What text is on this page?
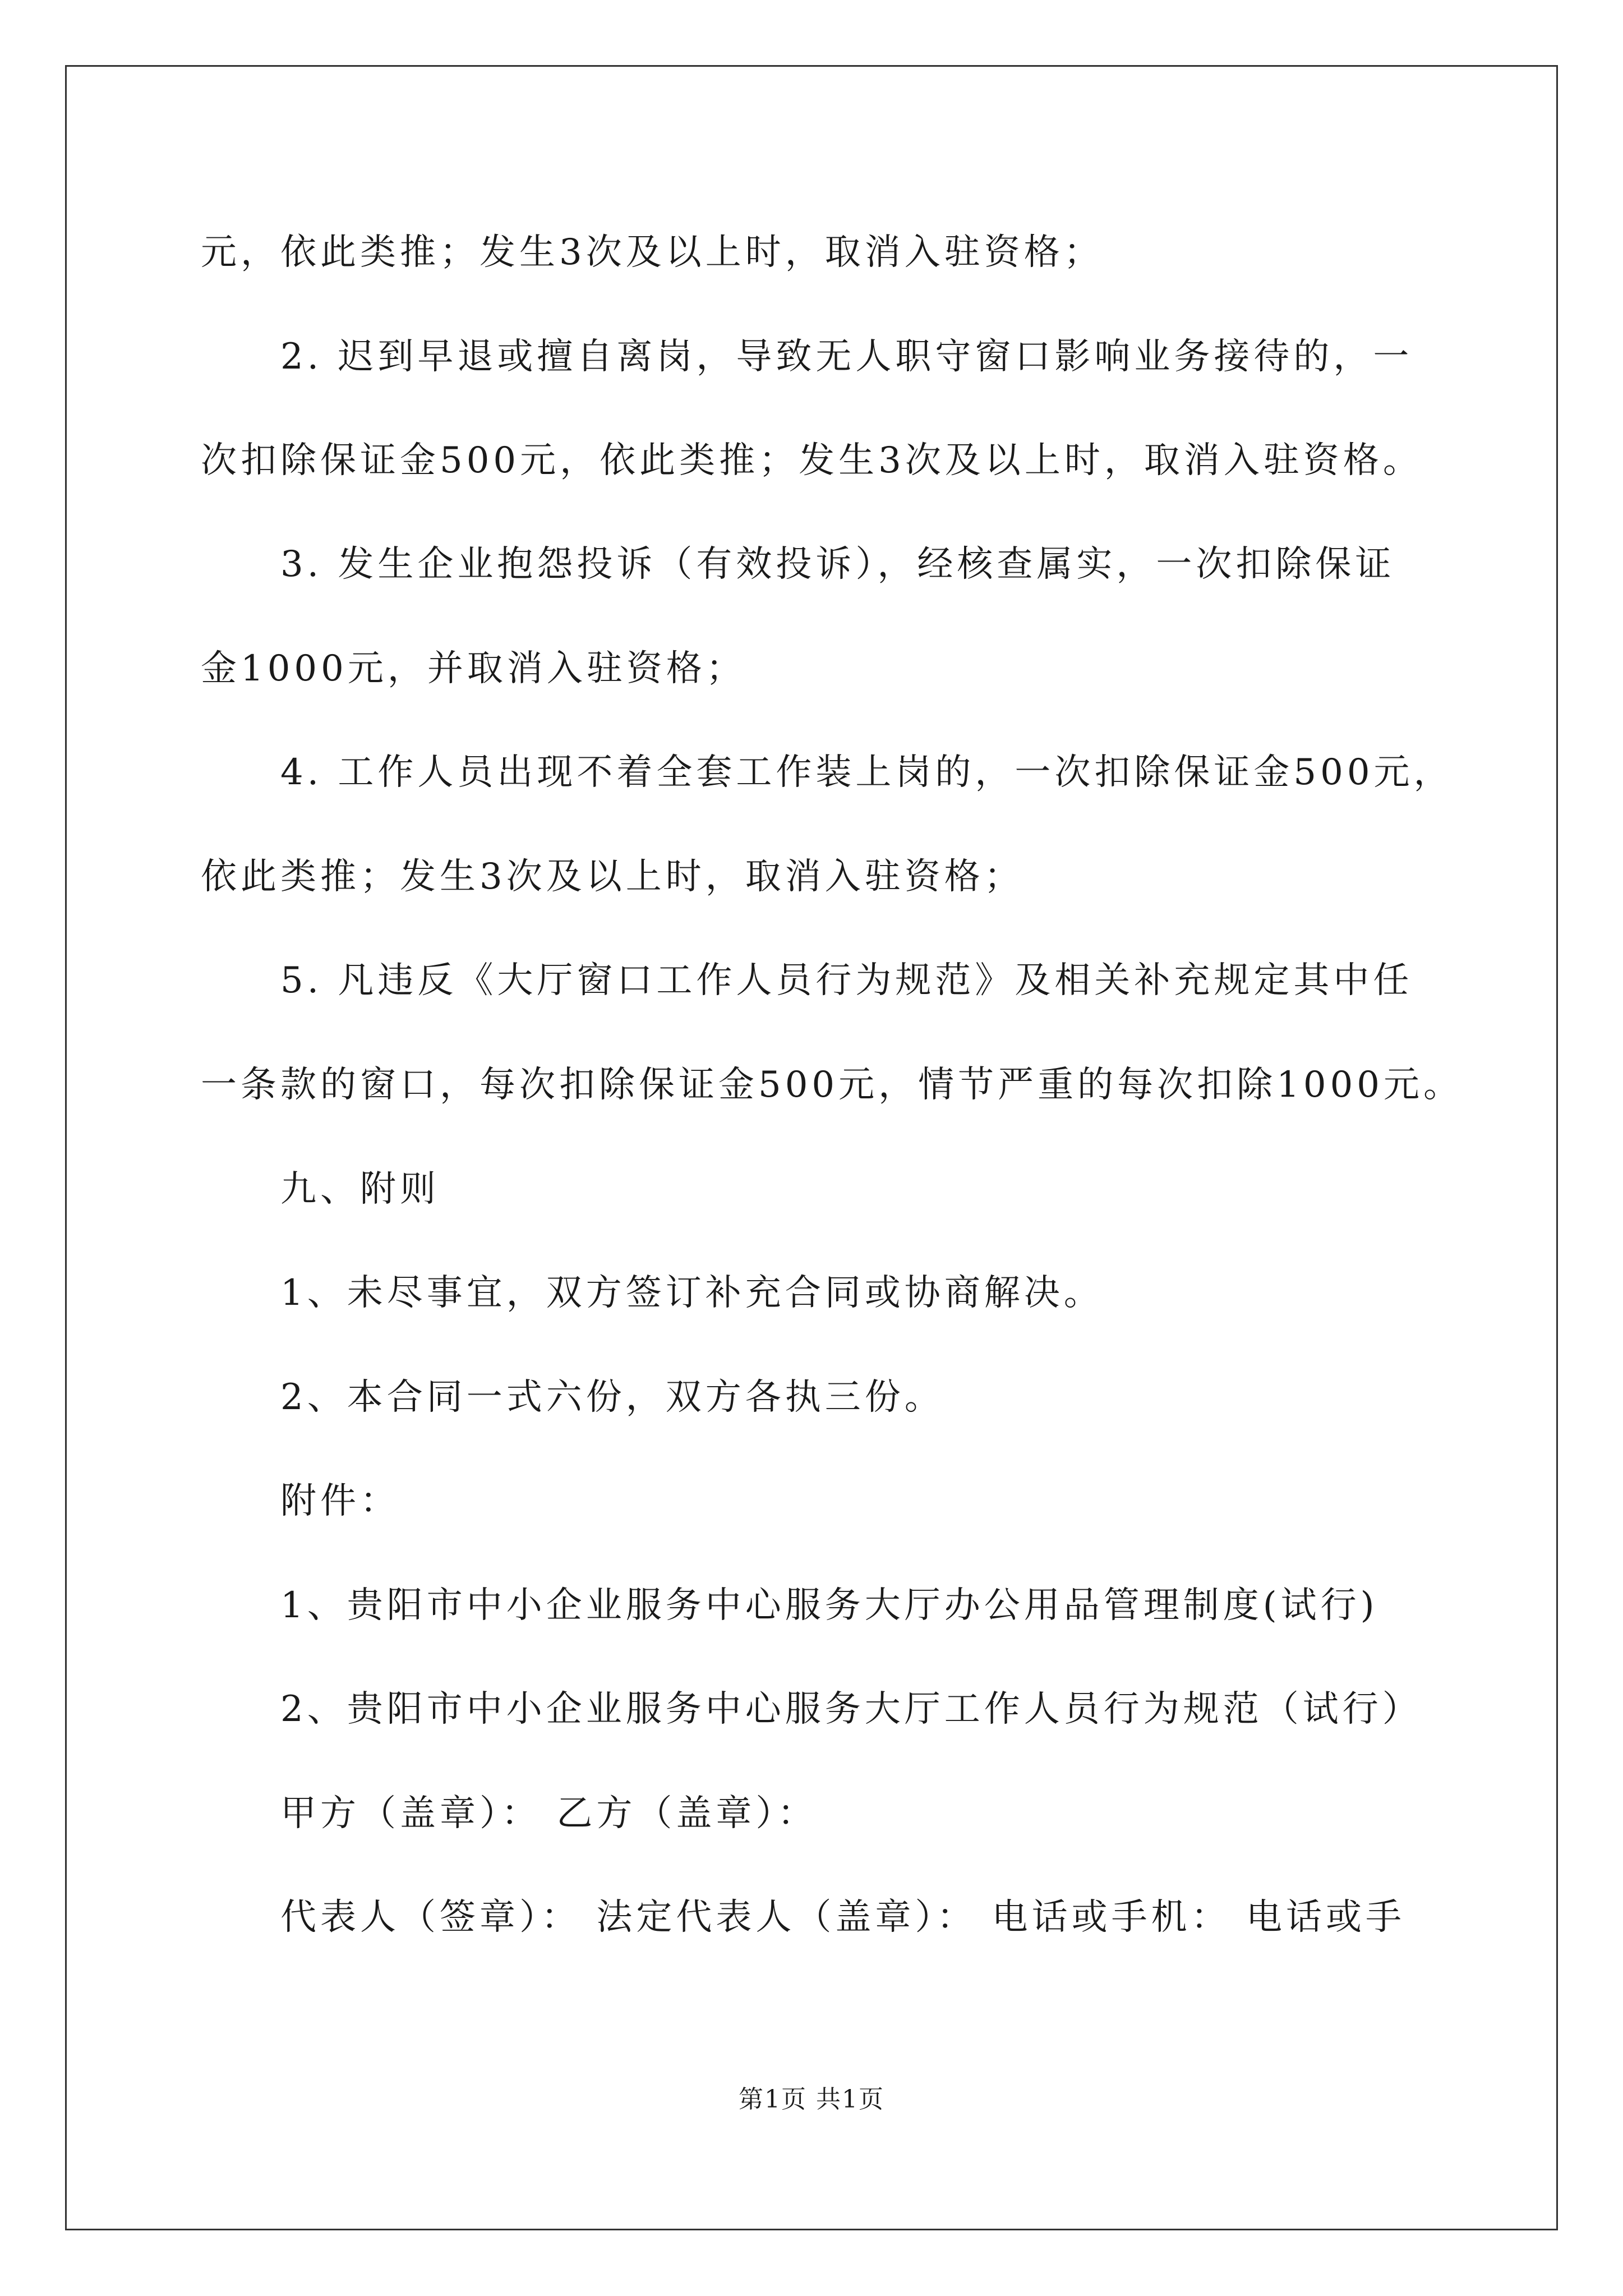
元，依此类推；发生3次及以上时，取消入驻资格；
2. 迟到早退或擅自离岗，导致无人职守窗口影响业务接待的，一
次扣除保证金500元，依此类推；发生3次及以上时，取消入驻资格。
3. 发生企业抱怨投诉（有效投诉），经核查属实，一次扣除保证
金1000元，并取消入驻资格；
4. 工作人员出现不着全套工作装上岗的，一次扣除保证金500元，
依此类推；发生3次及以上时，取消入驻资格；
5. 凡违反《大厅窗口工作人员行为规范》及相关补充规定其中任
一条款的窗口，每次扣除保证金500元，情节严重的每次扣除1000元。
九、附则
1、未尽事宜，双方签订补充合同或协商解决。
2、本合同一式六份，双方各执三份。
附件：
1、贵阳市中小企业服务中心服务大厅办公用品管理制度(试行)
2、贵阳市中小企业服务中心服务大厅工作人员行为规范（试行）
甲方（盖章）： 乙方（盖章）：
代表人（签章）： 法定代表人（盖章）： 电话或手机： 电话或手
第1页 共1页
